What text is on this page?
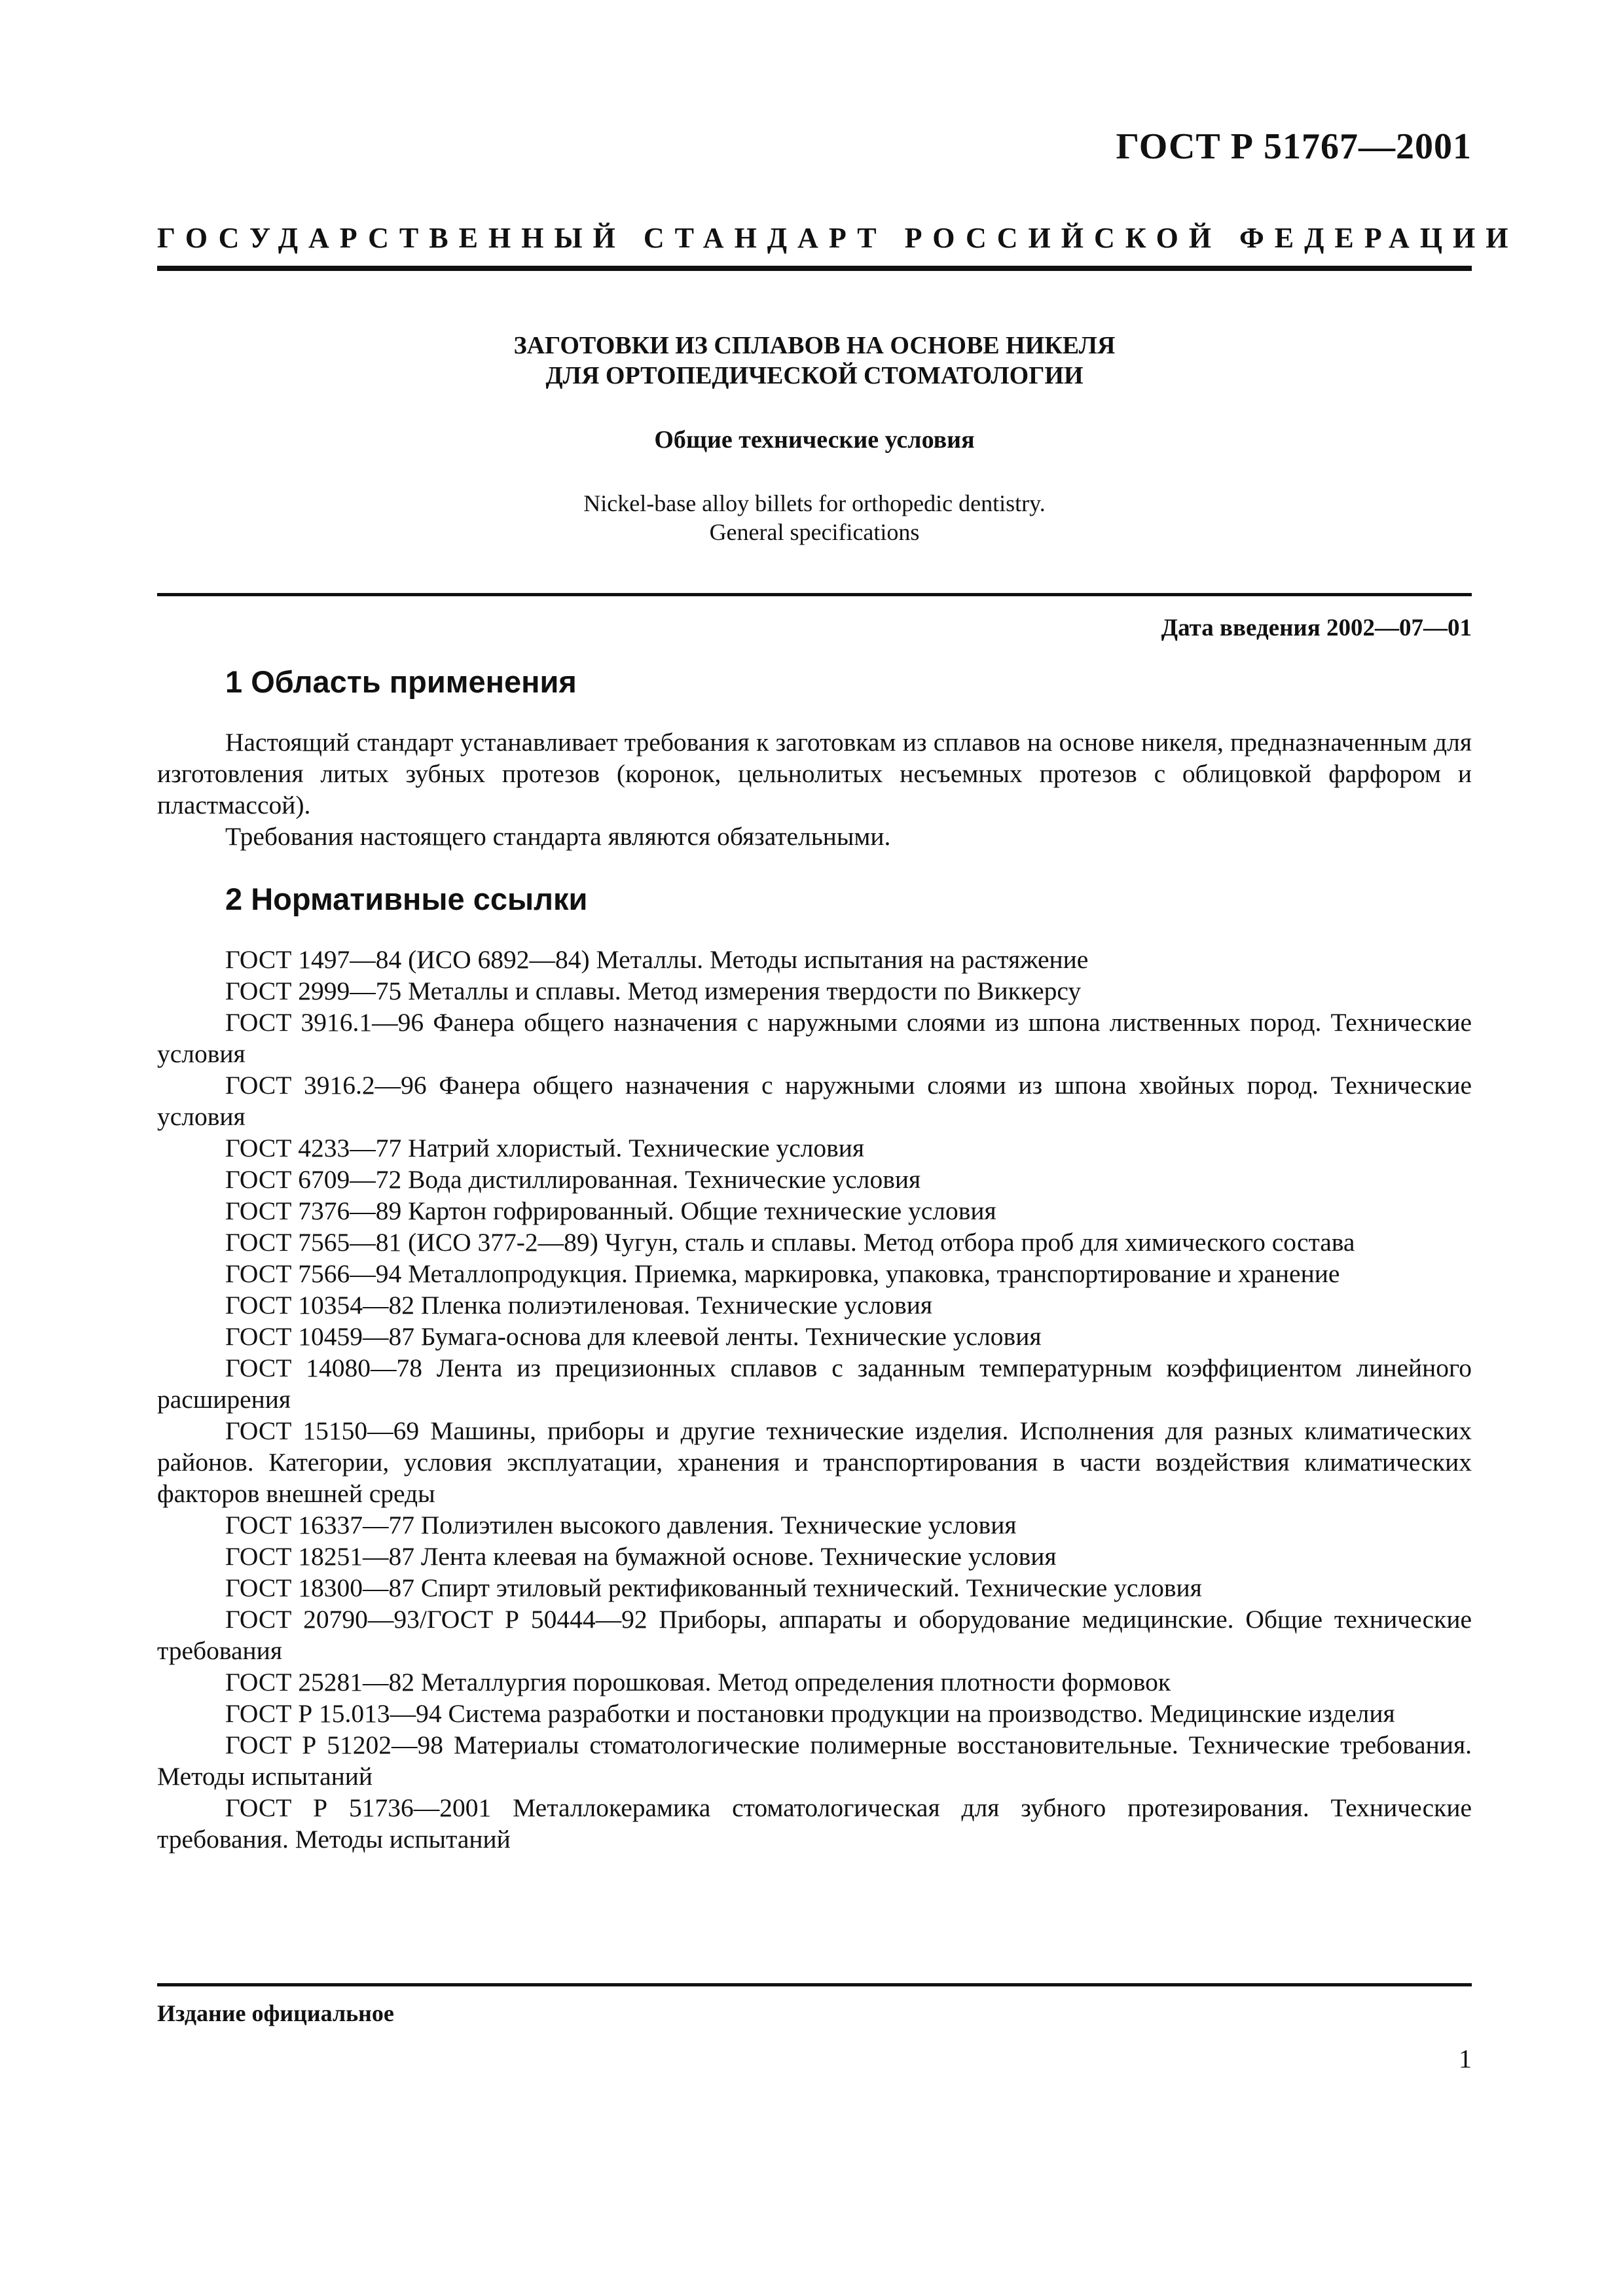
ГОСТ Р 51767—2001
ГОСУДАРСТВЕННЫЙ СТАНДАРТ РОССИЙСКОЙ ФЕДЕРАЦИИ
ЗАГОТОВКИ ИЗ СПЛАВОВ НА ОСНОВЕ НИКЕЛЯ
ДЛЯ ОРТОПЕДИЧЕСКОЙ СТОМАТОЛОГИИ
Общие технические условия
Nickel-base alloy billets for orthopedic dentistry.
General specifications
Дата введения 2002—07—01
1 Область применения

Настоящий стандарт устанавливает требования к заготовкам из сплавов на основе никеля, предназначенным для изготовления литых зубных протезов (коронок, цельнолитых несъемных протезов с облицовкой фарфором и пластмассой).

Требования настоящего стандарта являются обязательными.

2 Нормативные ссылки
ГОСТ 1497—84 (ИСО 6892—84) Металлы. Методы испытания на растяжение
ГОСТ 2999—75 Металлы и сплавы. Метод измерения твердости по Виккерсу
ГОСТ 3916.1—96 Фанера общего назначения с наружными слоями из шпона лиственных пород. Технические условия
ГОСТ 3916.2—96 Фанера общего назначения с наружными слоями из шпона хвойных пород. Технические условия
ГОСТ 4233—77 Натрий хлористый. Технические условия
ГОСТ 6709—72 Вода дистиллированная. Технические условия
ГОСТ 7376—89 Картон гофрированный. Общие технические условия
ГОСТ 7565—81 (ИСО 377-2—89) Чугун, сталь и сплавы. Метод отбора проб для химического состава
ГОСТ 7566—94 Металлопродукция. Приемка, маркировка, упаковка, транспортирование и хранение
ГОСТ 10354—82 Пленка полиэтиленовая. Технические условия
ГОСТ 10459—87 Бумага-основа для клеевой ленты. Технические условия
ГОСТ 14080—78 Лента из прецизионных сплавов с заданным температурным коэффициентом линейного расширения
ГОСТ 15150—69 Машины, приборы и другие технические изделия. Исполнения для разных климатических районов. Категории, условия эксплуатации, хранения и транспортирования в части воздействия климатических факторов внешней среды
ГОСТ 16337—77 Полиэтилен высокого давления. Технические условия
ГОСТ 18251—87 Лента клеевая на бумажной основе. Технические условия
ГОСТ 18300—87 Спирт этиловый ректификованный технический. Технические условия
ГОСТ 20790—93/ГОСТ Р 50444—92 Приборы, аппараты и оборудование медицинские. Общие технические требования
ГОСТ 25281—82 Металлургия порошковая. Метод определения плотности формовок
ГОСТ Р 15.013—94 Система разработки и постановки продукции на производство. Медицинские изделия
ГОСТ Р 51202—98 Материалы стоматологические полимерные восстановительные. Технические требования. Методы испытаний
ГОСТ Р 51736—2001 Металлокерамика стоматологическая для зубного протезирования. Технические требования. Методы испытаний
Издание официальное
1
